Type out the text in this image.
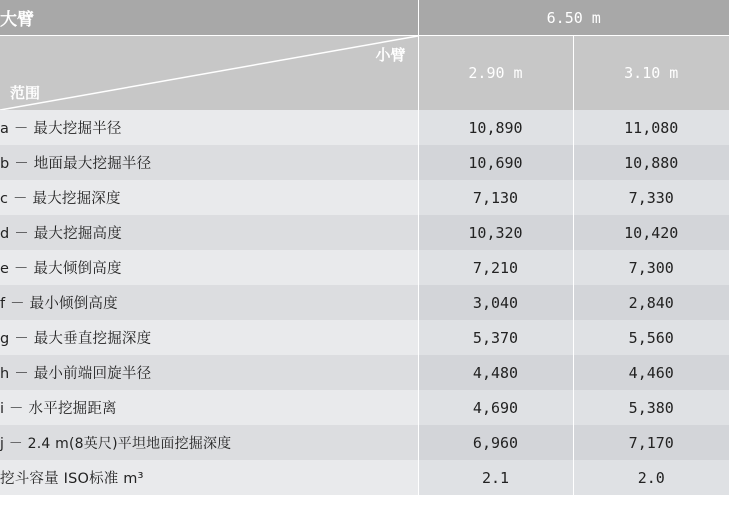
大臂	6.50 m	

小臂
范围	2.90 m	3.10 m
a － 最大挖掘半径	10,890	11,080
b － 地面最大挖掘半径	10,690	10,880
c － 最大挖掘深度	7,130	7,330
d － 最大挖掘高度	10,320	10,420
e － 最大倾倒高度	7,210	7,300
f － 最小倾倒高度	3,040	2,840
g － 最大垂直挖掘深度	5,370	5,560
h － 最小前端回旋半径	4,480	4,460
i － 水平挖掘距离	4,690	5,380
j － 2.4 m(8英尺)平坦地面挖掘深度	6,960	7,170
挖斗容量 ISO标准 m³	2.1	2.0
